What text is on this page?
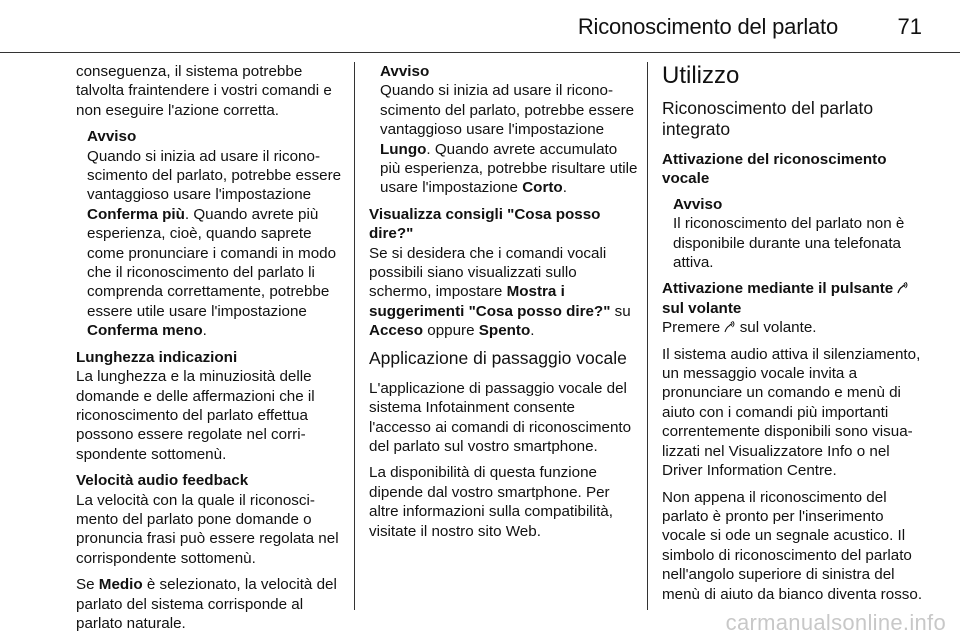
Riconoscimento del parlato	71

conseguenza, il sistema potrebbe talvolta fraintendere i vostri comandi e non eseguire l'azione corretta.

Avviso
Quando si inizia ad usare il riconoscimento del parlato, potrebbe essere vantaggioso usare l'impostazione Conferma più. Quando avrete più esperienza, cioè, quando saprete come pronunciare i comandi in modo che il riconoscimento del parlato li comprenda correttamente, potrebbe essere utile usare l'impostazione Conferma meno.

Lunghezza indicazioni
La lunghezza e la minuziosità delle domande e delle affermazioni che il riconoscimento del parlato effettua possono essere regolate nel corrispondente sottomenù.

Velocità audio feedback
La velocità con la quale il riconoscimento del parlato pone domande o pronuncia frasi può essere regolata nel corrispondente sottomenù.

Se Medio è selezionato, la velocità del parlato del sistema corrisponde al parlato naturale.

Avviso
Quando si inizia ad usare il riconoscimento del parlato, potrebbe essere vantaggioso usare l'impostazione Lungo. Quando avrete accumulato più esperienza, potrebbe risultare utile usare l'impostazione Corto.

Visualizza consigli "Cosa posso dire?"
Se si desidera che i comandi vocali possibili siano visualizzati sullo schermo, impostare Mostra i suggerimenti "Cosa posso dire?" su Acceso oppure Spento.

Applicazione di passaggio vocale

L'applicazione di passaggio vocale del sistema Infotainment consente l'accesso ai comandi di riconoscimento del parlato sul vostro smartphone.

La disponibilità di questa funzione dipende dal vostro smartphone. Per altre informazioni sulla compatibilità, visitate il nostro sito Web.

Utilizzo
Riconoscimento del parlato integrato

Attivazione del riconoscimento vocale

Avviso
Il riconoscimento del parlato non è disponibile durante una telefonata attiva.

Attivazione mediante il pulsante  sul volante
Premere  sul volante.

Il sistema audio attiva il silenziamento, un messaggio vocale invita a pronunciare un comando e menù di aiuto con i comandi più importanti correntemente disponibili sono visualizzati nel Visualizzatore Info o nel Driver Information Centre.

Non appena il riconoscimento del parlato è pronto per l'inserimento vocale si ode un segnale acustico. Il simbolo di riconoscimento del parlato nell'angolo superiore di sinistra del menù di aiuto da bianco diventa rosso.

carmanualsonline.info
